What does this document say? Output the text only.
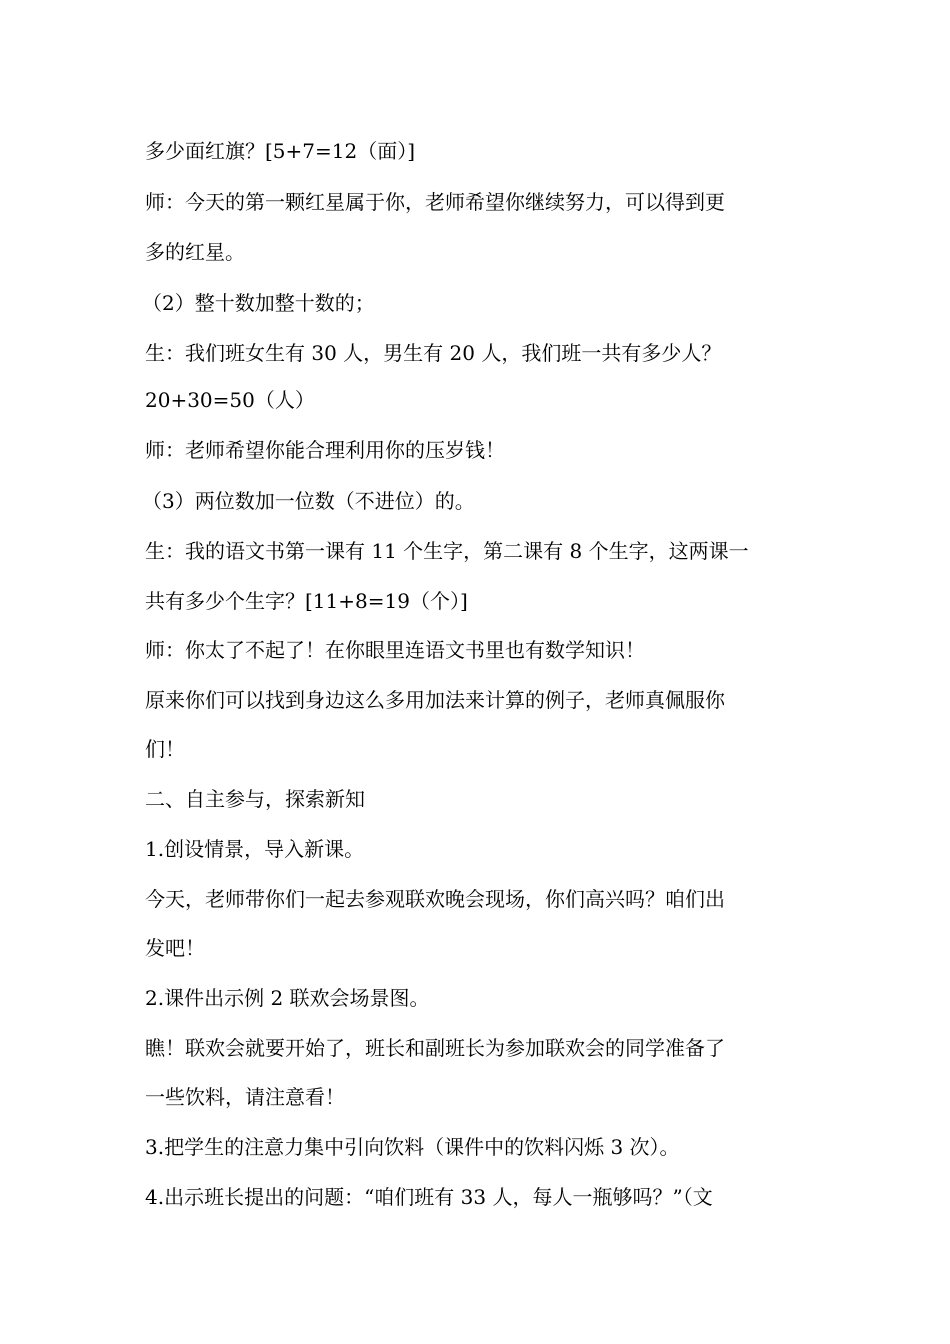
多少面红旗？[5+7=12（面）]
师：今天的第一颗红星属于你，老师希望你继续努力，可以得到更
多的红星。
（2）整十数加整十数的；
生：我们班女生有 30 人，男生有 20 人，我们班一共有多少人？
20+30=50（人）
师：老师希望你能合理利用你的压岁钱！
（3）两位数加一位数（不进位）的。
生：我的语文书第一课有 11 个生字，第二课有 8 个生字，这两课一
共有多少个生字？[11+8=19（个）]
师：你太了不起了！在你眼里连语文书里也有数学知识！
原来你们可以找到身边这么多用加法来计算的例子，老师真佩服你
们！
二、自主参与，探索新知
1.创设情景，导入新课。
今天，老师带你们一起去参观联欢晚会现场，你们高兴吗？咱们出
发吧！
2.课件出示例 2 联欢会场景图。
瞧！联欢会就要开始了，班长和副班长为参加联欢会的同学准备了
一些饮料，请注意看！
3.把学生的注意力集中引向饮料（课件中的饮料闪烁 3 次）。
4.出示班长提出的问题：“咱们班有 33 人，每人一瓶够吗？”（文
